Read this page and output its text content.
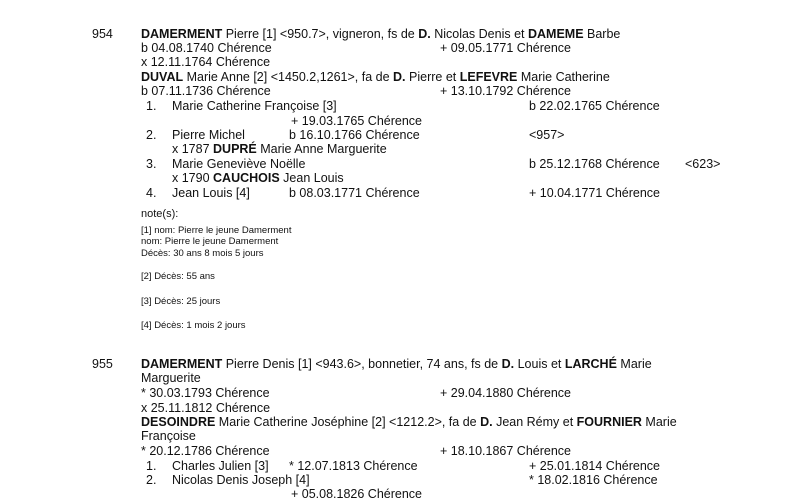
954 DAMERMENT Pierre [1] <950.7>, vigneron, fs de D. Nicolas Denis et DAMEME Barbe
b 04.08.1740 Chérence	+ 09.05.1771 Chérence
x 12.11.1764 Chérence
DUVAL Marie Anne [2] <1450.2,1261>, fa de D. Pierre et LEFEVRE Marie Catherine
b 07.11.1736 Chérence	+ 13.10.1792 Chérence
1. Marie Catherine Françoise [3]	b 22.02.1765 Chérence
+ 19.03.1765 Chérence
2. Pierre Michel	b 16.10.1766 Chérence	<957>
x 1787 DUPRÉ Marie Anne Marguerite
3. Marie Geneviève Noëlle	b 25.12.1768 Chérence <623>
x 1790 CAUCHOIS Jean Louis
4. Jean Louis [4]	b 08.03.1771 Chérence	+ 10.04.1771 Chérence
note(s):
[1] nom: Pierre le jeune Damerment
nom: Pierre le jeune Damerment
Décès: 30 ans 8 mois 5 jours
[2] Décès: 55 ans
[3] Décès: 25 jours
[4] Décès: 1 mois 2 jours
955 DAMERMENT Pierre Denis [1] <943.6>, bonnetier, 74 ans, fs de D. Louis et LARCHÉ Marie
Marguerite
* 30.03.1793 Chérence	+ 29.04.1880 Chérence
x 25.11.1812 Chérence
DESOINDRE Marie Catherine Joséphine [2] <1212.2>, fa de D. Jean Rémy et FOURNIER Marie
Françoise
* 20.12.1786 Chérence	+ 18.10.1867 Chérence
1. Charles Julien [3] * 12.07.1813 Chérence	+ 25.01.1814 Chérence
2. Nicolas Denis Joseph [4]	* 18.02.1816 Chérence
+ 05.08.1826 Chérence
